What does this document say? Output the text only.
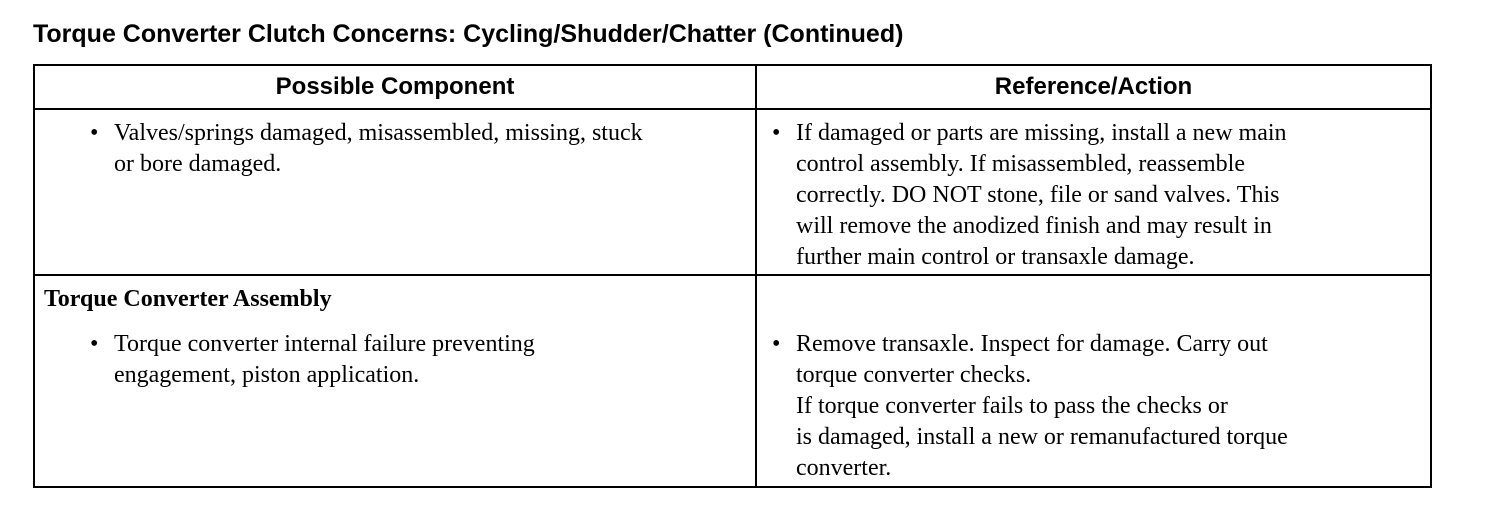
Torque Converter Clutch Concerns: Cycling/Shudder/Chatter (Continued)
Possible Component	Reference/Action
• Valves/springs damaged, misassembled, missing, stuck
or bore damaged.
• If damaged or parts are missing, install a new main
control assembly. If misassembled, reassemble
correctly. DO NOT stone, file or sand valves. This
will remove the anodized finish and may result in
further main control or transaxle damage.
Torque Converter Assembly
• Torque converter internal failure preventing
engagement, piston application.
• Remove transaxle. Inspect for damage. Carry out
torque converter checks.
If torque converter fails to pass the checks or
is damaged, install a new or remanufactured torque
converter.
